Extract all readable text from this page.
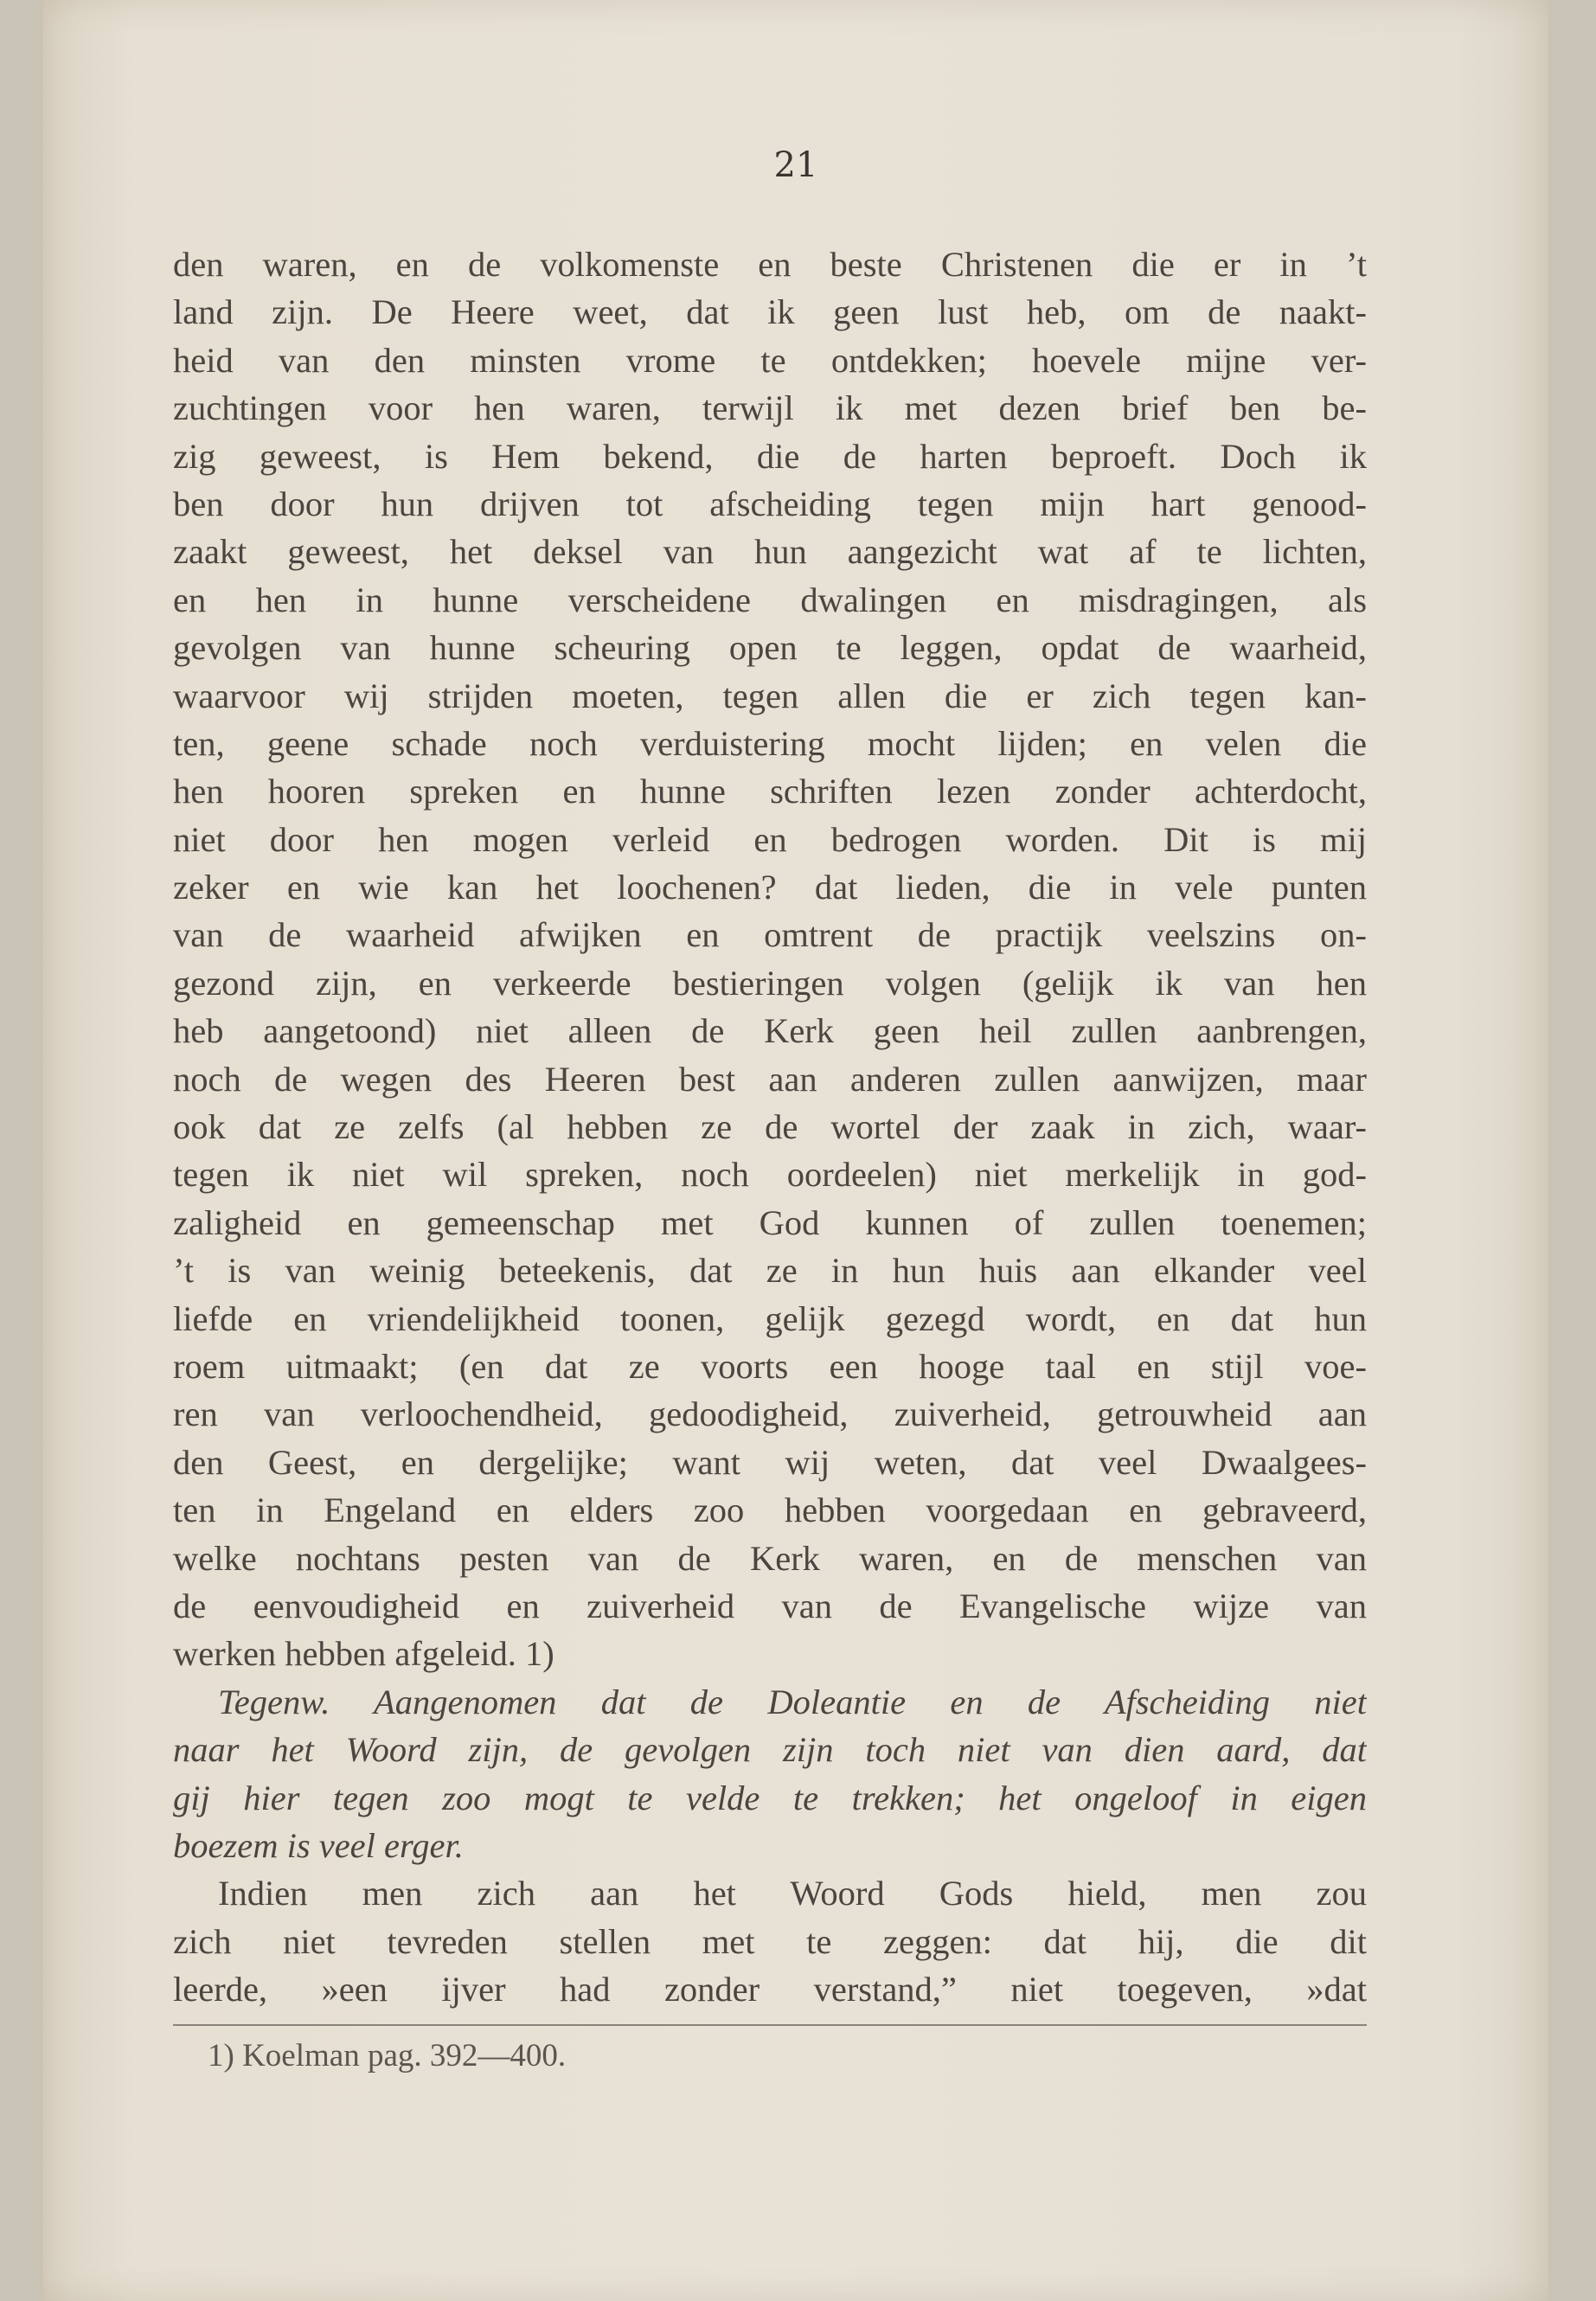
21
den waren, en de volkomenste en beste Christenen die er in ’t
land zijn. De Heere weet, dat ik geen lust heb, om de naakt-
heid van den minsten vrome te ontdekken; hoevele mijne ver-
zuchtingen voor hen waren, terwijl ik met dezen brief ben be-
zig geweest, is Hem bekend, die de harten beproeft. Doch ik
ben door hun drijven tot afscheiding tegen mijn hart genood-
zaakt geweest, het deksel van hun aangezicht wat af te lichten,
en hen in hunne verscheidene dwalingen en misdragingen, als
gevolgen van hunne scheuring open te leggen, opdat de waarheid,
waarvoor wij strijden moeten, tegen allen die er zich tegen kan-
ten, geene schade noch verduistering mocht lijden; en velen die
hen hooren spreken en hunne schriften lezen zonder achterdocht,
niet door hen mogen verleid en bedrogen worden. Dit is mij
zeker en wie kan het loochenen? dat lieden, die in vele punten
van de waarheid afwijken en omtrent de practijk veelszins on-
gezond zijn, en verkeerde bestieringen volgen (gelijk ik van hen
heb aangetoond) niet alleen de Kerk geen heil zullen aanbrengen,
noch de wegen des Heeren best aan anderen zullen aanwijzen, maar
ook dat ze zelfs (al hebben ze de wortel der zaak in zich, waar-
tegen ik niet wil spreken, noch oordeelen) niet merkelijk in god-
zaligheid en gemeenschap met God kunnen of zullen toenemen;
’t is van weinig beteekenis, dat ze in hun huis aan elkander veel
liefde en vriendelijkheid toonen, gelijk gezegd wordt, en dat hun
roem uitmaakt; (en dat ze voorts een hooge taal en stijl voe-
ren van verloochendheid, gedoodigheid, zuiverheid, getrouwheid aan
den Geest, en dergelijke; want wij weten, dat veel Dwaalgees-
ten in Engeland en elders zoo hebben voorgedaan en gebraveerd,
welke nochtans pesten van de Kerk waren, en de menschen van
de eenvoudigheid en zuiverheid van de Evangelische wijze van
werken hebben afgeleid. 1)
Tegenw. Aangenomen dat de Doleantie en de Afscheiding niet
naar het Woord zijn, de gevolgen zijn toch niet van dien aard, dat
gij hier tegen zoo mogt te velde te trekken; het ongeloof in eigen
boezem is veel erger.
Indien men zich aan het Woord Gods hield, men zou
zich niet tevreden stellen met te zeggen: dat hij, die dit
leerde, »een ijver had zonder verstand,” niet toegeven, »dat
1) Koelman pag. 392—400.
